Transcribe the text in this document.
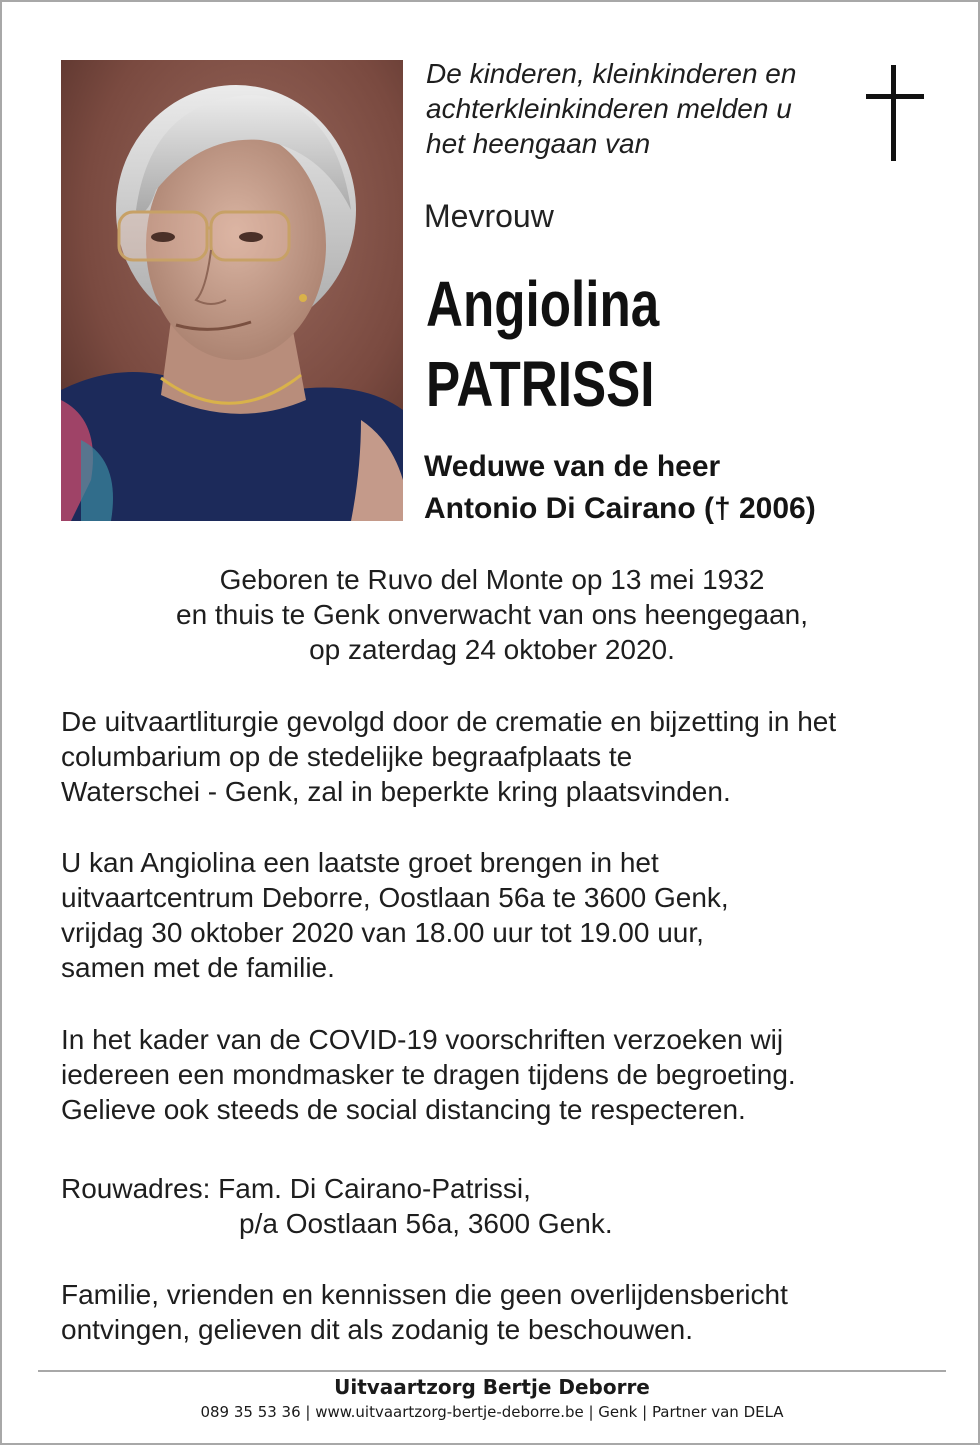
De kinderen, kleinkinderen en
achterkleinkinderen melden u
het heengaan van
Mevrouw
Angiolina
PATRISSI
Weduwe van de heer
Antonio Di Cairano († 2006)
Geboren te Ruvo del Monte op 13 mei 1932
en thuis te Genk onverwacht van ons heengegaan,
op zaterdag 24 oktober 2020.
De uitvaartliturgie gevolgd door de crematie en bijzetting in het
columbarium op de stedelijke begraafplaats te
Waterschei - Genk, zal in beperkte kring plaatsvinden.
U kan Angiolina een laatste groet brengen in het
uitvaartcentrum Deborre, Oostlaan 56a te 3600 Genk,
vrijdag 30 oktober 2020 van 18.00 uur tot 19.00 uur,
samen met de familie.
In het kader van de COVID-19 voorschriften verzoeken wij
iedereen een mondmasker te dragen tijdens de begroeting.
Gelieve ook steeds de social distancing te respecteren.
Rouwadres: Fam. Di Cairano-Patrissi,
p/a Oostlaan 56a, 3600 Genk.
Familie, vrienden en kennissen die geen overlijdensbericht
ontvingen, gelieven dit als zodanig te beschouwen.
Uitvaartzorg Bertje Deborre
089 35 53 36 | www.uitvaartzorg-bertje-deborre.be | Genk | Partner van DELA
